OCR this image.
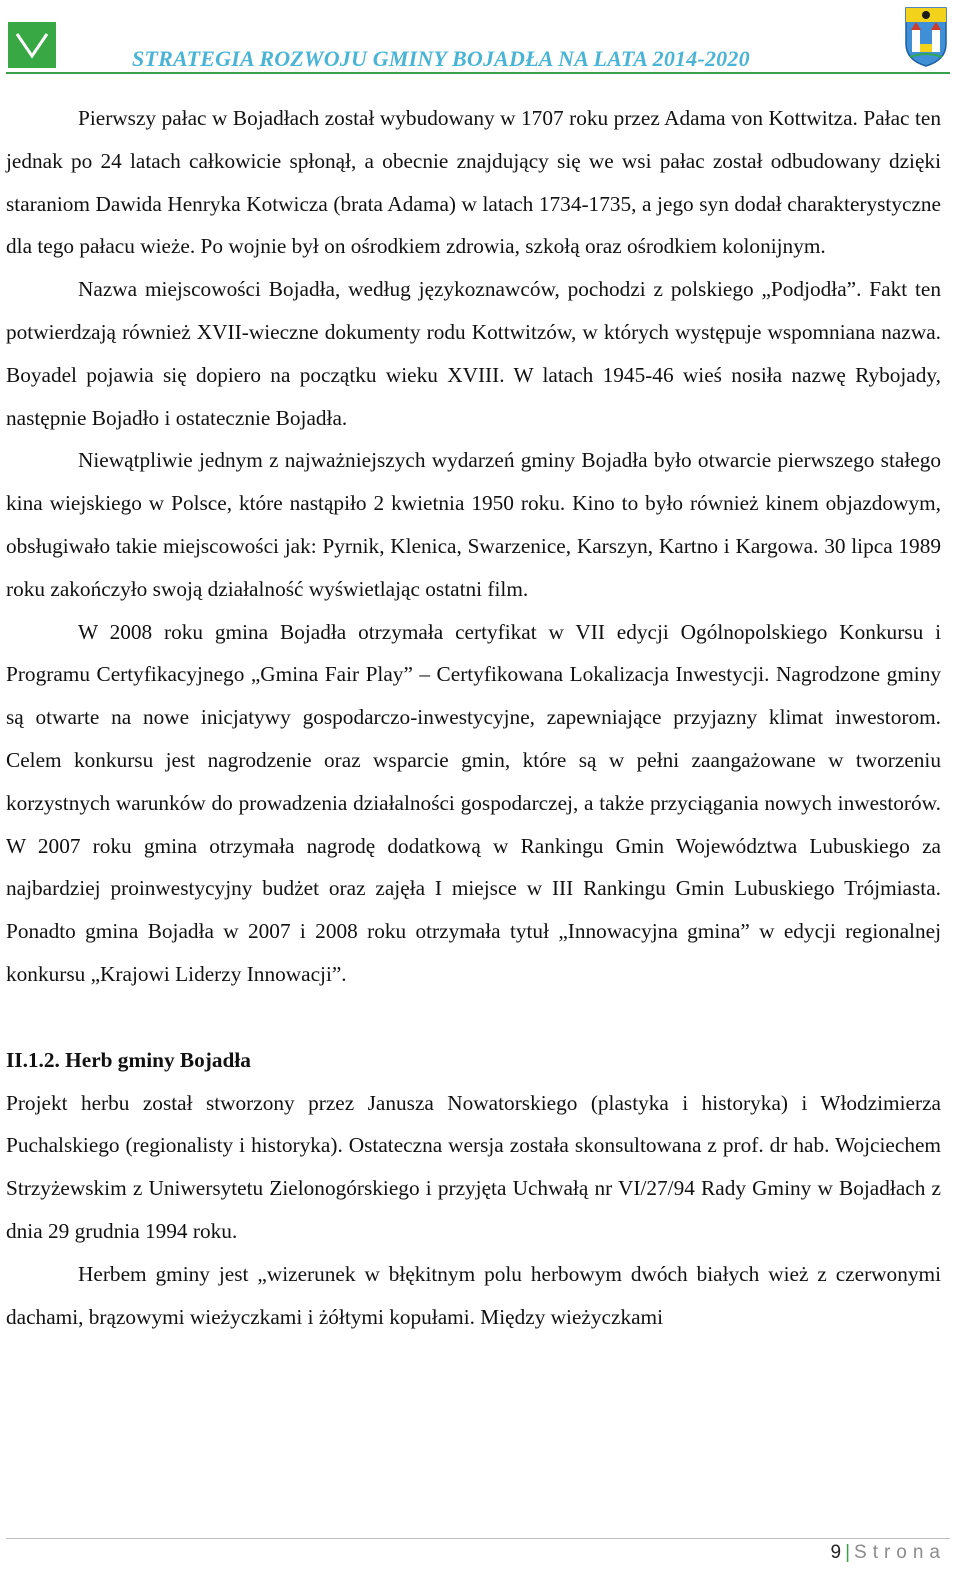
STRATEGIA ROZWOJU GMINY BOJADŁA NA LATA 2014-2020

Pierwszy pałac w Bojadłach został wybudowany w 1707 roku przez Adama von Kottwitza. Pałac ten jednak po 24 latach całkowicie spłonął, a obecnie znajdujący się we wsi pałac został odbudowany dzięki staraniom Dawida Henryka Kotwicza (brata Adama) w latach 1734-1735, a jego syn dodał charakterystyczne dla tego pałacu wieże. Po wojnie był on ośrodkiem zdrowia, szkołą oraz ośrodkiem kolonijnym.

Nazwa miejscowości Bojadła, według językoznawców, pochodzi z polskiego „Podjodła”. Fakt ten potwierdzają również XVII-wieczne dokumenty rodu Kottwitzów, w których występuje wspomniana nazwa. Boyadel pojawia się dopiero na początku wieku XVIII. W latach 1945-46 wieś nosiła nazwę Rybojady, następnie Bojadło i ostatecznie Bojadła.

Niewątpliwie jednym z najważniejszych wydarzeń gminy Bojadła było otwarcie pierwszego stałego kina wiejskiego w Polsce, które nastąpiło 2 kwietnia 1950 roku. Kino to było również kinem objazdowym, obsługiwało takie miejscowości jak: Pyrnik, Klenica, Swarzenice, Karszyn, Kartno i Kargowa. 30 lipca 1989 roku zakończyło swoją działalność wyświetlając ostatni film.

W 2008 roku gmina Bojadła otrzymała certyfikat w VII edycji Ogólnopolskiego Konkursu i Programu Certyfikacyjnego „Gmina Fair Play” – Certyfikowana Lokalizacja Inwestycji. Nagrodzone gminy są otwarte na nowe inicjatywy gospodarczo-inwestycyjne, zapewniające przyjazny klimat inwestorom. Celem konkursu jest nagrodzenie oraz wsparcie gmin, które są w pełni zaangażowane w tworzeniu korzystnych warunków do prowadzenia działalności gospodarczej, a także przyciągania nowych inwestorów. W 2007 roku gmina otrzymała nagrodę dodatkową w Rankingu Gmin Województwa Lubuskiego za najbardziej proinwestycyjny budżet oraz zajęła I miejsce w III Rankingu Gmin Lubuskiego Trójmiasta. Ponadto gmina Bojadła w 2007 i 2008 roku otrzymała tytuł „Innowacyjna gmina” w edycji regionalnej konkursu „Krajowi Liderzy Innowacji”.

II.1.2. Herb gminy Bojadła

Projekt herbu został stworzony przez Janusza Nowatorskiego (plastyka i historyka) i Włodzimierza Puchalskiego (regionalisty i historyka). Ostateczna wersja została skonsultowana z prof. dr hab. Wojciechem Strzyżewskim z Uniwersytetu Zielonogórskiego i przyjęta Uchwałą nr VI/27/94 Rady Gminy w Bojadłach z dnia 29 grudnia 1994 roku.

Herbem gminy jest „wizerunek w błękitnym polu herbowym dwóch białych wież z czerwonymi dachami, brązowymi wieżyczkami i żółtymi kopułami. Między wieżyczkami

9 | Strona
